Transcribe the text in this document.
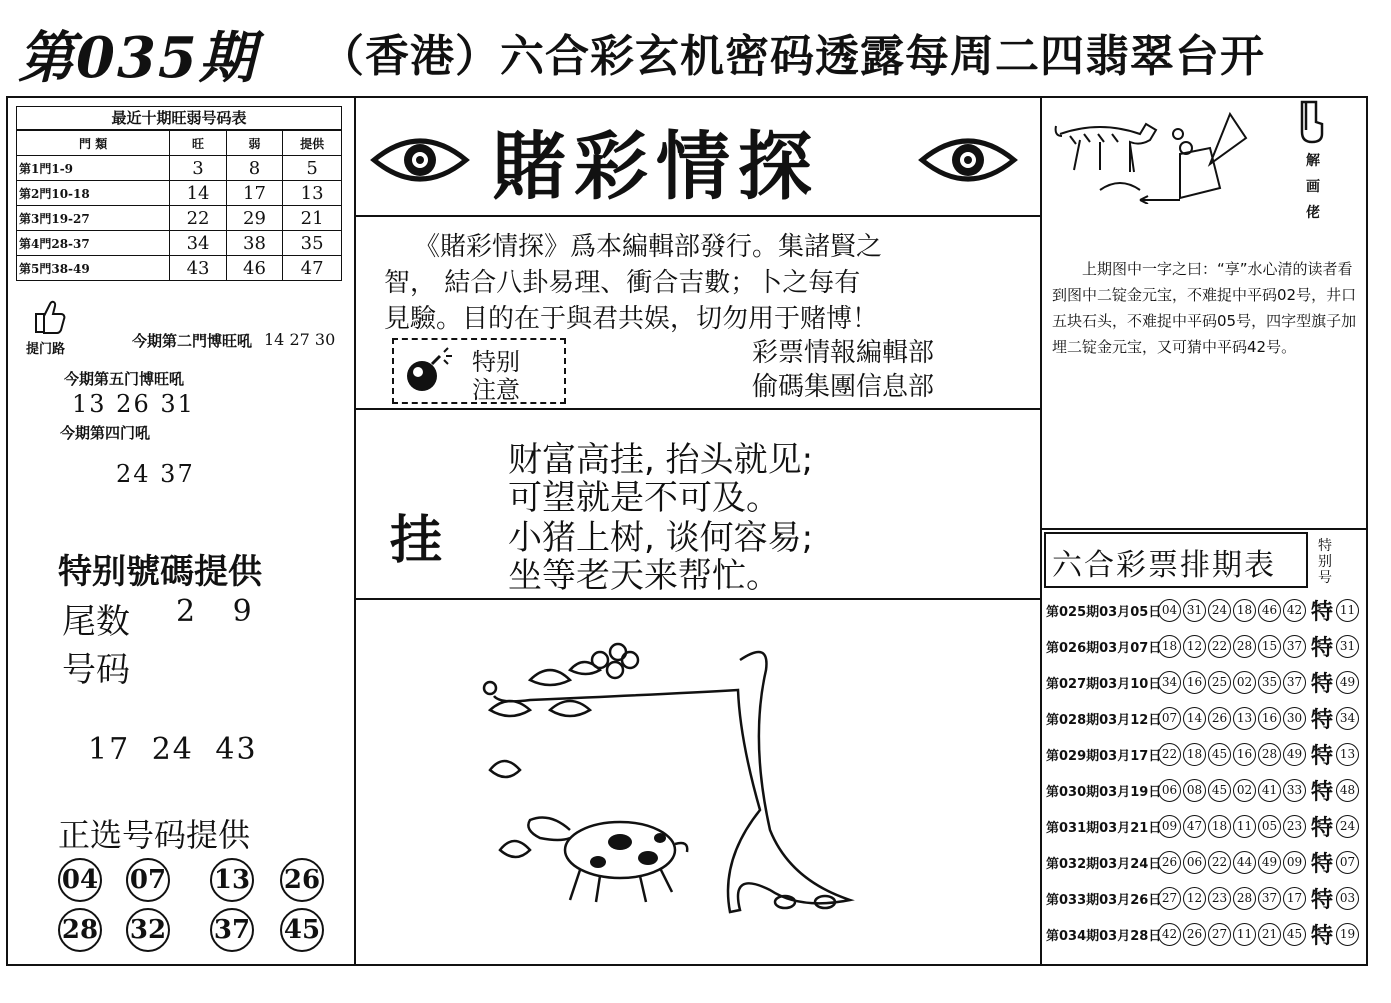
第035期 （香港）六合彩玄机密码透露每周二四翡翠台开
最近十期旺弱号码表
門 類	旺	弱	提供
第1門1-9	3	8	5
第2門10-18	14	17	13
第3門19-27	22	29	21
第4門28-37	34	38	35
第5門38-49	43	46	47
提门路	今期第二門博旺吼 14 27 30
今期第五门博旺吼
13 26 31
今期第四门吼
24 37
特别號碼提供
尾数 2 9
号码
17 24 43
正选号码提供
04 07 13 26
28 32 37 45
賭彩情探
《賭彩情探》爲本編輯部發行。集諸賢之
智， 結合八卦易理、衝合吉數；卜之每有
見驗。目的在于與君共娱，切勿用于赌博！
特别
注意
彩票情報編輯部
偷碼集團信息部
挂
财富高挂, 抬头就见;
可望就是不可及。
小猪上树, 谈何容易;
坐等老天来帮忙。
解画佬
上期图中一字之曰：“享”水心清的读者看到图中二锭金元宝，不难捉中平码02号，井口五块石头，不难捉中平码05号，四字型旗子加埋二锭金元宝，又可猜中平码42号。
六合彩票排期表
特别号
第025期03月05日 04 31 24 18 46 42 特 11
第026期03月07日 18 12 22 28 15 37 特 31
第027期03月10日 34 16 25 02 35 37 特 49
第028期03月12日 07 14 26 13 16 30 特 34
第029期03月17日 22 18 45 16 28 49 特 13
第030期03月19日 06 08 45 02 41 33 特 48
第031期03月21日 09 47 18 11 05 23 特 24
第032期03月24日 26 06 22 44 49 09 特 07
第033期03月26日 27 12 23 28 37 17 特 03
第034期03月28日 42 26 27 11 21 45 特 19
